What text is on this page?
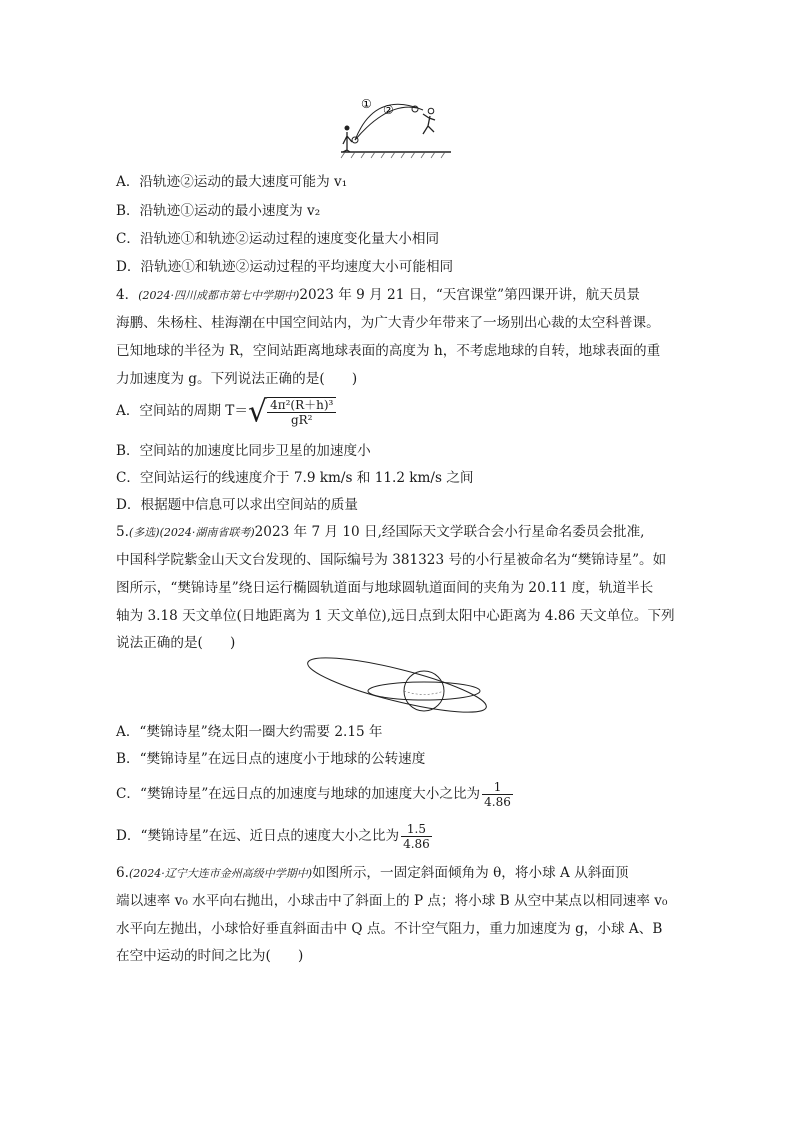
① ②
A．沿轨迹②运动的最大速度可能为 v₁
B．沿轨迹①运动的最小速度为 v₂
C．沿轨迹①和轨迹②运动过程的速度变化量大小相同
D．沿轨迹①和轨迹②运动过程的平均速度大小可能相同
4．(2024·四川成都市第七中学期中)2023 年 9 月 21 日，“天宫课堂”第四课开讲，航天员景
海鹏、朱杨柱、桂海潮在中国空间站内，为广大青少年带来了一场别出心裁的太空科普课。
已知地球的半径为 R，空间站距离地球表面的高度为 h，不考虑地球的自转，地球表面的重
力加速度为 g。下列说法正确的是(　　)
A．空间站的周期 $T=√ \frac{\text{4π²(R＋h)³}}{\text{gR²}}$
B．空间站的加速度比同步卫星的加速度小
C．空间站运行的线速度介于 7.9 km/s 和 11.2 km/s 之间
D．根据题中信息可以求出空间站的质量
5.(多选)(2024·湖南省联考)2023 年 7 月 10 日,经国际天文学联合会小行星命名委员会批准,
中国科学院紫金山天文台发现的、国际编号为 381323 号的小行星被命名为“樊锦诗星”。如
图所示，“樊锦诗星”绕日运行椭圆轨道面与地球圆轨道面间的夹角为 20.11 度，轨道半长
轴为 3.18 天文单位(日地距离为 1 天文单位),远日点到太阳中心距离为 4.86 天文单位。下列
说法正确的是(　　)
A．“樊锦诗星”绕太阳一圈大约需要 2.15 年
B．“樊锦诗星”在远日点的速度小于地球的公转速度
C．“樊锦诗星”在远日点的加速度与地球的加速度大小之比为 $\frac{1}{4.86}$
D．“樊锦诗星”在远、近日点的速度大小之比为 $\frac{1.5}{4.86}$
6.(2024·辽宁大连市金州高级中学期中)如图所示，一固定斜面倾角为 θ，将小球 A 从斜面顶
端以速率 v₀ 水平向右抛出，小球击中了斜面上的 P 点；将小球 B 从空中某点以相同速率 v₀
水平向左抛出，小球恰好垂直斜面击中 Q 点。不计空气阻力，重力加速度为 g，小球 A、B
在空中运动的时间之比为(　　)
